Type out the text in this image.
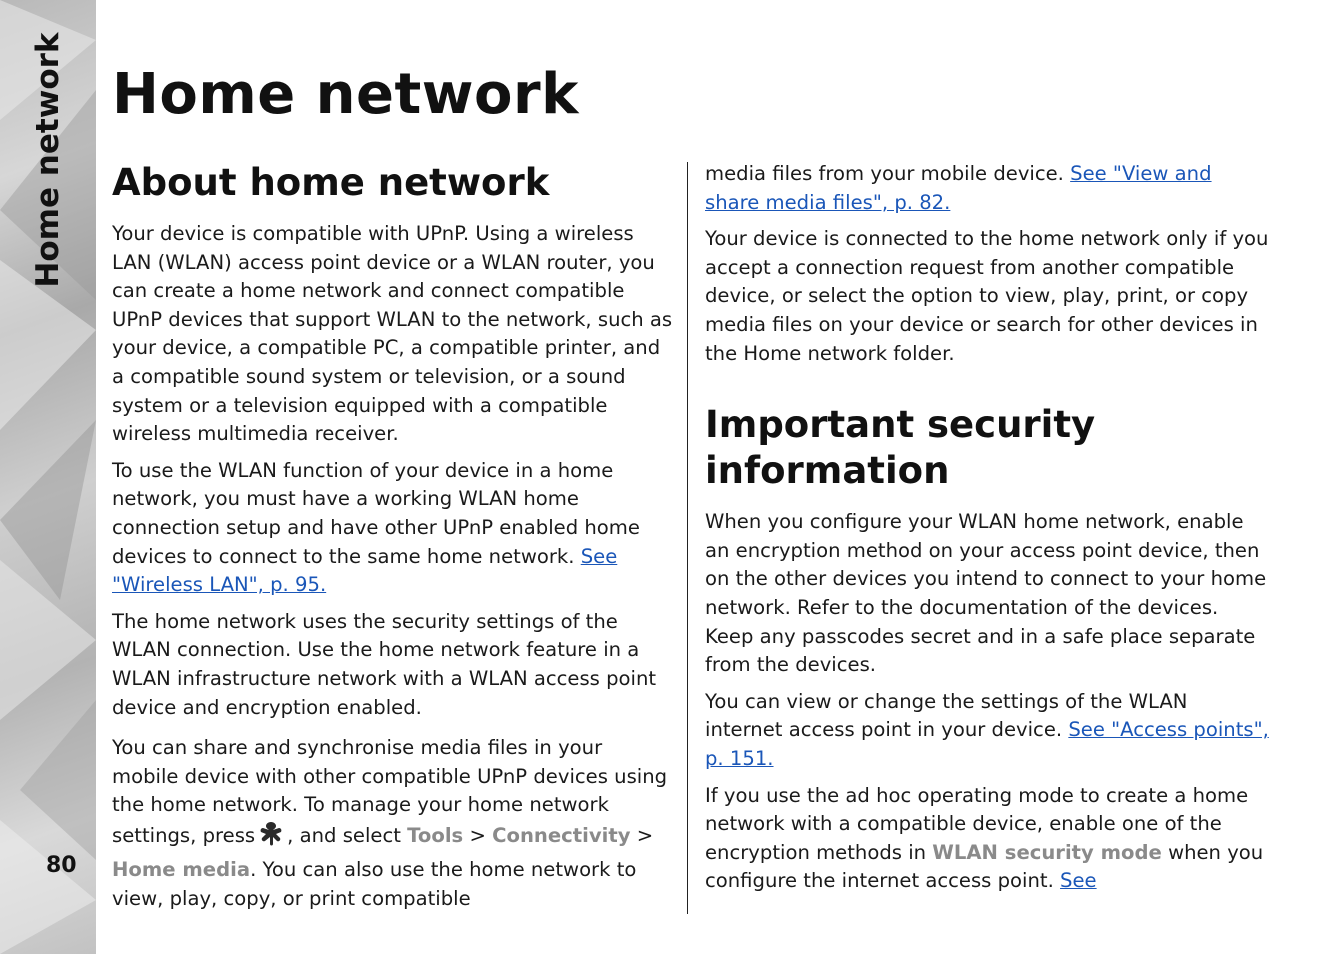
Home network
80
Home network
About home network

Your device is compatible with UPnP. Using a wireless LAN (WLAN) access point device or a WLAN router, you can create a home network and connect compatible UPnP devices that support WLAN to the network, such as your device, a compatible PC, a compatible printer, and a compatible sound system or television, or a sound system or a television equipped with a compatible wireless multimedia receiver.

To use the WLAN function of your device in a home network, you must have a working WLAN home connection setup and have other UPnP enabled home devices to connect to the same home network. See "Wireless LAN", p. 95.

The home network uses the security settings of the WLAN connection. Use the home network feature in a WLAN infrastructure network with a WLAN access point device and encryption enabled.

You can share and synchronise media files in your mobile device with other compatible UPnP devices using the home network. To manage your home network settings, press , and select Tools > Connectivity > Home media. You can also use the home network to view, play, copy, or print compatible

media files from your mobile device. See "View and share media files", p. 82.

Your device is connected to the home network only if you accept a connection request from another compatible device, or select the option to view, play, print, or copy media files on your device or search for other devices in the Home network folder.

Important security information

When you configure your WLAN home network, enable an encryption method on your access point device, then on the other devices you intend to connect to your home network. Refer to the documentation of the devices. Keep any passcodes secret and in a safe place separate from the devices.

You can view or change the settings of the WLAN internet access point in your device. See "Access points", p. 151.

If you use the ad hoc operating mode to create a home network with a compatible device, enable one of the encryption methods in WLAN security mode when you configure the internet access point. See
